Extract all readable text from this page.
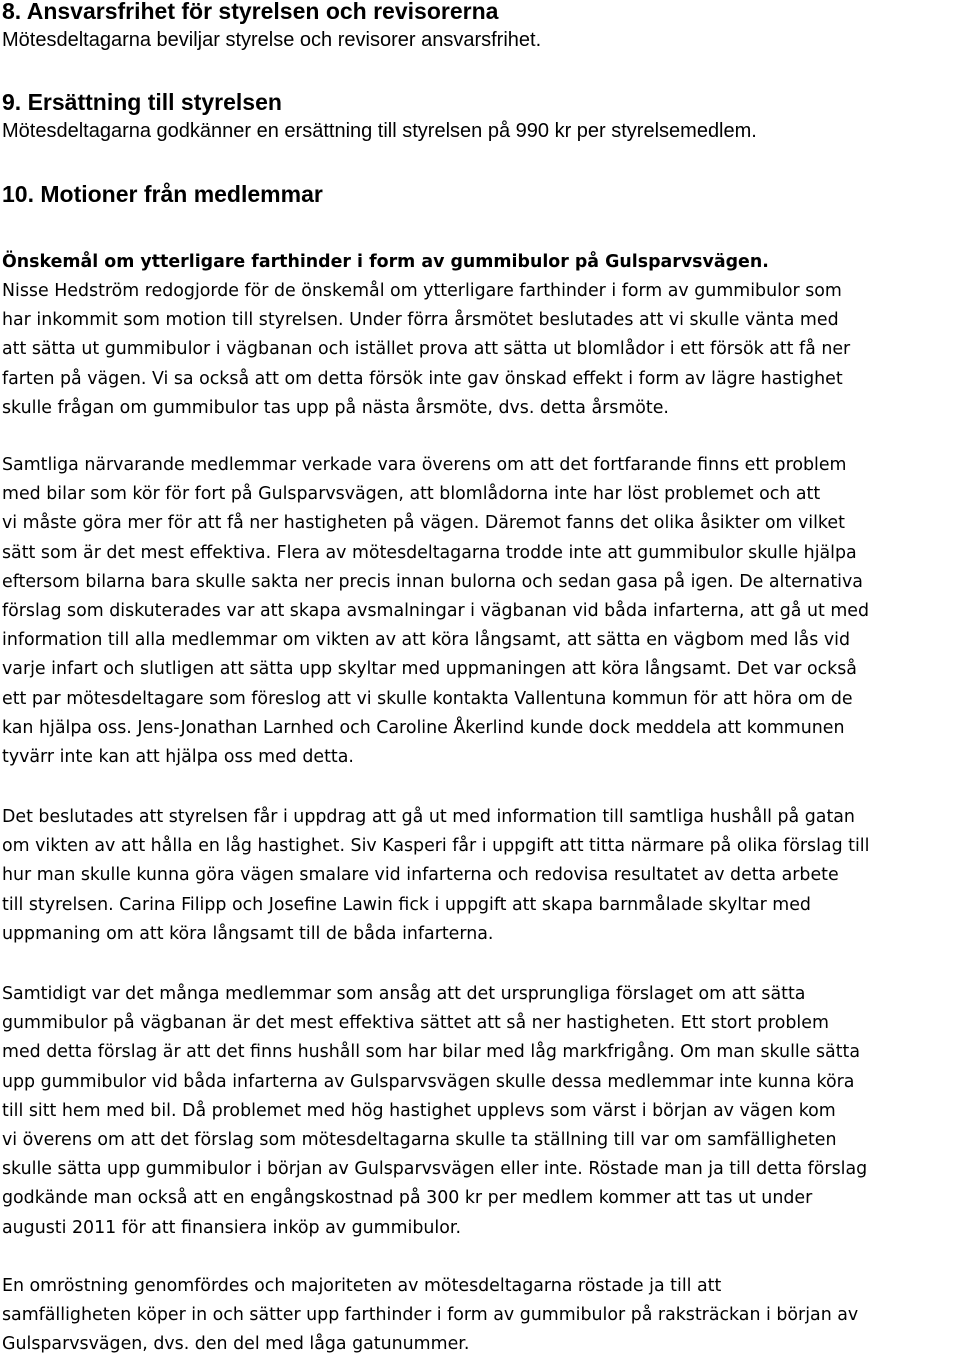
8. Ansvarsfrihet för styrelsen och revisorerna

Mötesdeltagarna beviljar styrelse och revisorer ansvarsfrihet.

9. Ersättning till styrelsen

Mötesdeltagarna godkänner en ersättning till styrelsen på 990 kr per styrelsemedlem.

10. Motioner från medlemmar

Önskemål om ytterligare farthinder i form av gummibulor på Gulsparvsvägen.

Nisse Hedström redogjorde för de önskemål om ytterligare farthinder i form av gummibulor som
har inkommit som motion till styrelsen. Under förra årsmötet beslutades att vi skulle vänta med
att sätta ut gummibulor i vägbanan och istället prova att sätta ut blomlådor i ett försök att få ner
farten på vägen. Vi sa också att om detta försök inte gav önskad effekt i form av lägre hastighet
skulle frågan om gummibulor tas upp på nästa årsmöte, dvs. detta årsmöte.
Samtliga närvarande medlemmar verkade vara överens om att det fortfarande finns ett problem
med bilar som kör för fort på Gulsparvsvägen, att blomlådorna inte har löst problemet och att
vi måste göra mer för att få ner hastigheten på vägen. Däremot fanns det olika åsikter om vilket
sätt som är det mest effektiva. Flera av mötesdeltagarna trodde inte att gummibulor skulle hjälpa
eftersom bilarna bara skulle sakta ner precis innan bulorna och sedan gasa på igen. De alternativa
förslag som diskuterades var att skapa avsmalningar i vägbanan vid båda infarterna, att gå ut med
information till alla medlemmar om vikten av att köra långsamt, att sätta en vägbom med lås vid
varje infart och slutligen att sätta upp skyltar med uppmaningen att köra långsamt. Det var också
ett par mötesdeltagare som föreslog att vi skulle kontakta Vallentuna kommun för att höra om de
kan hjälpa oss. Jens-Jonathan Larnhed och Caroline Åkerlind kunde dock meddela att kommunen
tyvärr inte kan att hjälpa oss med detta.
Det beslutades att styrelsen får i uppdrag att gå ut med information till samtliga hushåll på gatan
om vikten av att hålla en låg hastighet. Siv Kasperi får i uppgift att titta närmare på olika förslag till
hur man skulle kunna göra vägen smalare vid infarterna och redovisa resultatet av detta arbete
till styrelsen. Carina Filipp och Josefine Lawin fick i uppgift att skapa barnmålade skyltar med
uppmaning om att köra långsamt till de båda infarterna.
Samtidigt var det många medlemmar som ansåg att det ursprungliga förslaget om att sätta
gummibulor på vägbanan är det mest effektiva sättet att så ner hastigheten. Ett stort problem
med detta förslag är att det finns hushåll som har bilar med låg markfrigång. Om man skulle sätta
upp gummibulor vid båda infarterna av Gulsparvsvägen skulle dessa medlemmar inte kunna köra
till sitt hem med bil. Då problemet med hög hastighet upplevs som värst i början av vägen kom
vi överens om att det förslag som mötesdeltagarna skulle ta ställning till var om samfälligheten
skulle sätta upp gummibulor i början av Gulsparvsvägen eller inte. Röstade man ja till detta förslag
godkände man också att en engångskostnad på 300 kr per medlem kommer att tas ut under
augusti 2011 för att finansiera inköp av gummibulor.
En omröstning genomfördes och majoriteten av mötesdeltagarna röstade ja till att
samfälligheten köper in och sätter upp farthinder i form av gummibulor på raksträckan i början av
Gulsparvsvägen, dvs. den del med låga gatunummer.
